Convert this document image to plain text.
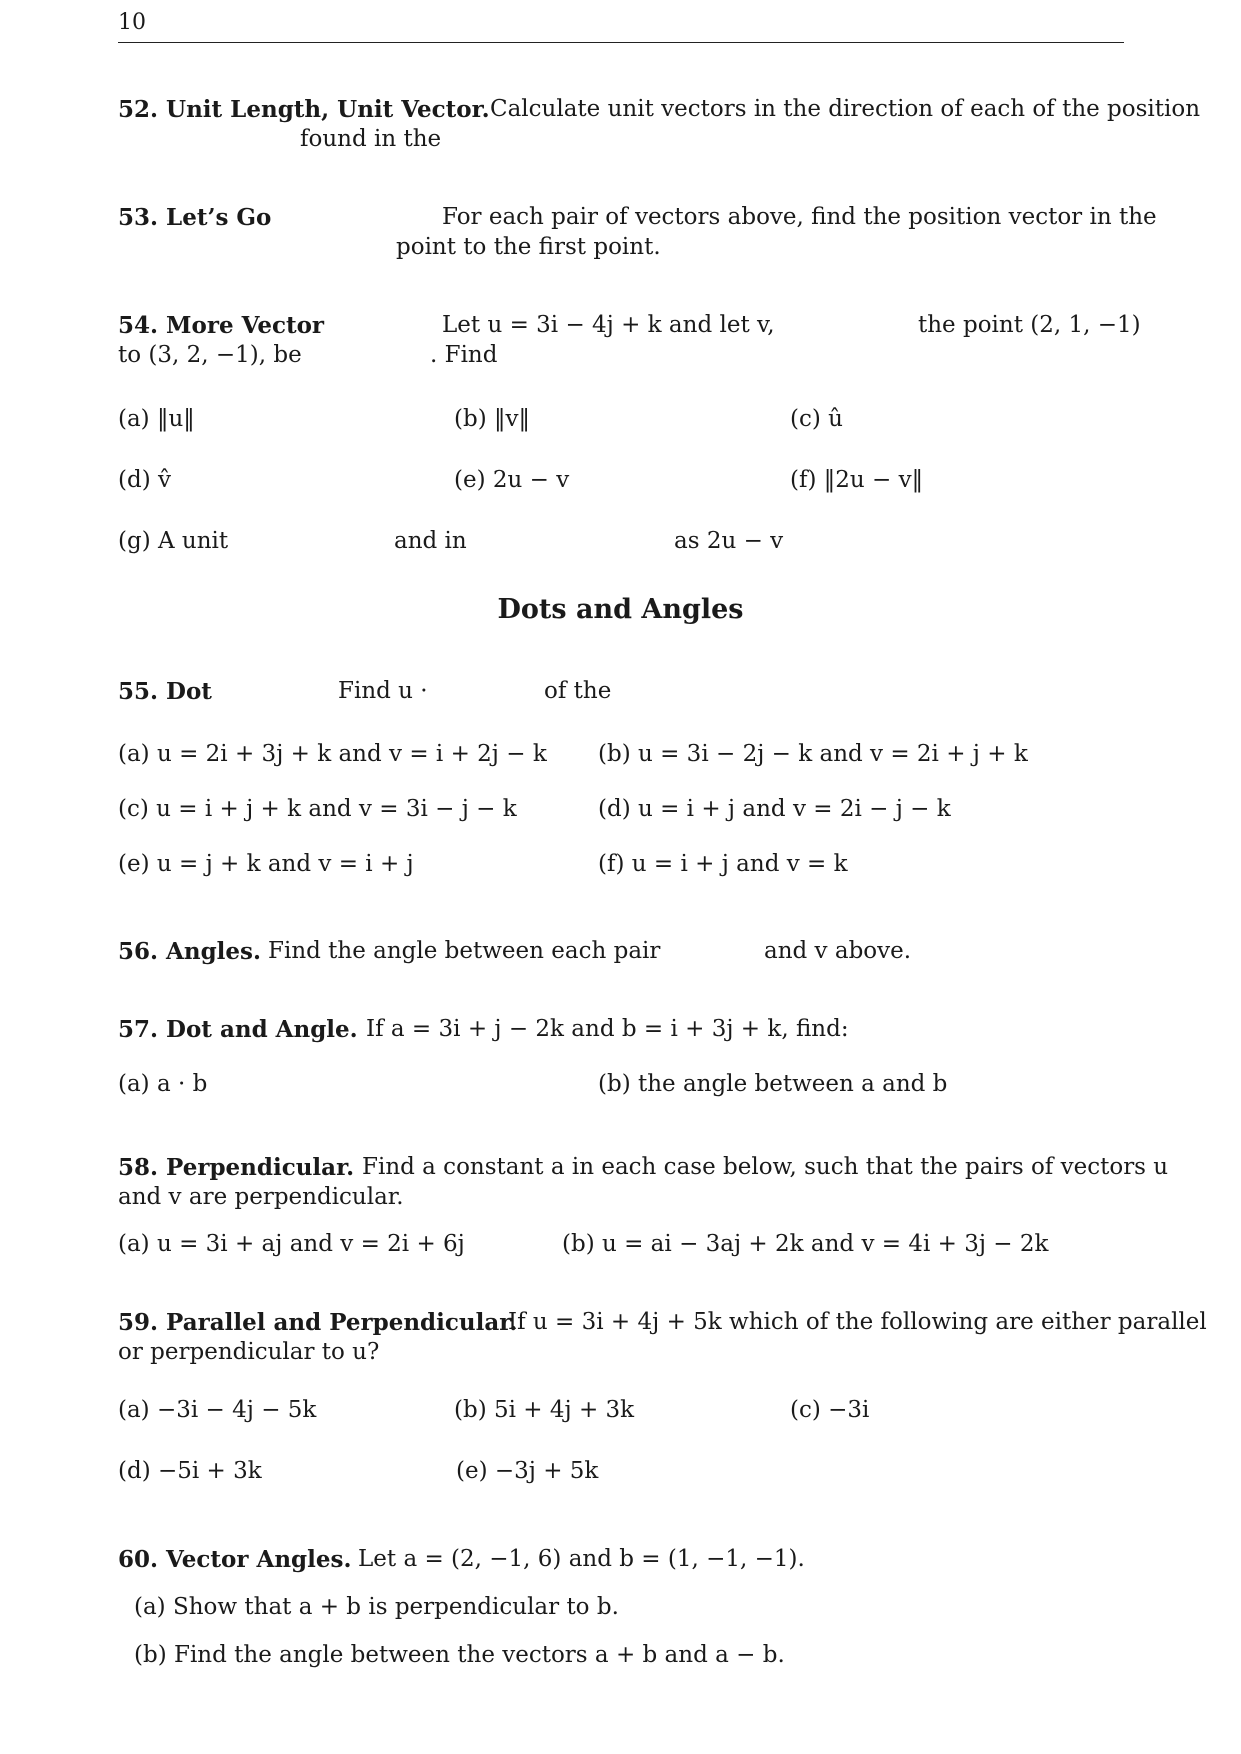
10
52. Unit Length, Unit Vector. Calculate unit vectors in the direction of each of the position
found in the
53. Let’s Go	For each pair of vectors above, find the position vector in the
point to the first point.
54. More Vector	Let u = 3i − 4j + k and let v,	the point (2, 1, −1)
to (3, 2, −1), be	. Find
(a) ‖u‖	(b) ‖v‖	(c) û
(d) v̂	(e) 2u − v	(f) ‖2u − v‖
(g) A unit	and in	as 2u − v
Dots and Angles
55. Dot	Find u ·	of the
(a) u = 2i + 3j + k and v = i + 2j − k (b) u = 3i − 2j − k and v = 2i + j + k
(c) u = i + j + k and v = 3i − j − k	(d) u = i + j and v = 2i − j − k
(e) u = j + k and v = i + j	(f) u = i + j and v = k
56. Angles. Find the angle between each pair	and v above.
57. Dot and Angle. If a = 3i + j − 2k and b = i + 3j + k, find:
(a) a · b	(b) the angle between a and b
58. Perpendicular. Find a constant a in each case below, such that the pairs of vectors u
and v are perpendicular.
(a) u = 3i + aj and v = 2i + 6j	(b) u = ai − 3aj + 2k and v = 4i + 3j − 2k
59. Parallel and Perpendicular.
If u = 3i + 4j + 5k which of the following are either parallel
or perpendicular to u?
(a) −3i − 4j − 5k	(b) 5i + 4j + 3k	(c) −3i
(d) −5i + 3k	(e) −3j + 5k
60. Vector Angles. Let a = (2, −1, 6) and b = (1, −1, −1).
(a) Show that a + b is perpendicular to b.
(b) Find the angle between the vectors a + b and a − b.
